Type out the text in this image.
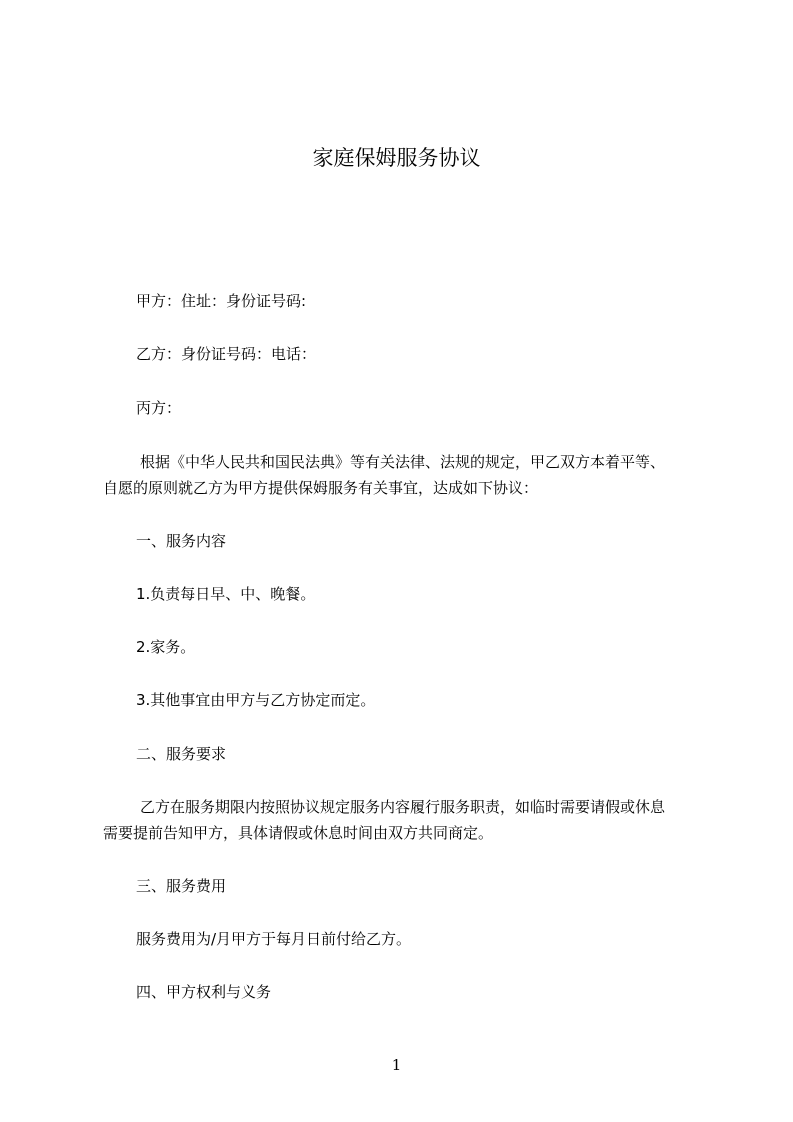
家庭保姆服务协议
甲方：住址：身份证号码:
乙方：身份证号码：电话：
丙方：
根据《中华人民共和国民法典》等有关法律、法规的规定，甲乙双方本着平等、
自愿的原则就乙方为甲方提供保姆服务有关事宜，达成如下协议：
一、服务内容
1.负责每日早、中、晚餐。
2.家务。
3.其他事宜由甲方与乙方协定而定。
二、服务要求
乙方在服务期限内按照协议规定服务内容履行服务职责，如临时需要请假或休息
需要提前告知甲方，具体请假或休息时间由双方共同商定。
三、服务费用
服务费用为/月甲方于每月日前付给乙方。
四、甲方权利与义务
1
